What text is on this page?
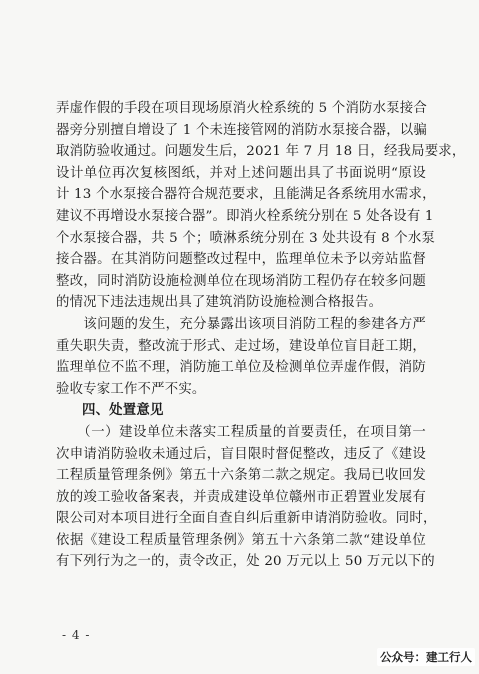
弄虚作假的手段在项目现场原消火栓系统的 5 个消防水泵接合
器旁分别擅自增设了 1 个未连接管网的消防水泵接合器，以骗
取消防验收通过。问题发生后，2021 年 7 月 18 日，经我局要求，
设计单位再次复核图纸，并对上述问题出具了书面说明“原设
计 13 个水泵接合器符合规范要求，且能满足各系统用水需求，
建议不再增设水泵接合器”。即消火栓系统分别在 5 处各设有 1
个水泵接合器，共 5 个；喷淋系统分别在 3 处共设有 8 个水泵
接合器。在其消防问题整改过程中，监理单位未予以旁站监督
整改，同时消防设施检测单位在现场消防工程仍存在较多问题
的情况下违法违规出具了建筑消防设施检测合格报告。
　　该问题的发生，充分暴露出该项目消防工程的参建各方严
重失职失责，整改流于形式、走过场，建设单位盲目赶工期，
监理单位不监不理，消防施工单位及检测单位弄虚作假，消防
验收专家工作不严不实。
四、处置意见
　　（一）建设单位未落实工程质量的首要责任，在项目第一
次申请消防验收未通过后，盲目限时督促整改，违反了《建设
工程质量管理条例》第五十六条第二款之规定。我局已收回发
放的竣工验收备案表，并责成建设单位赣州市正碧置业发展有
限公司对本项目进行全面自查自纠后重新申请消防验收。同时，
依据《建设工程质量管理条例》第五十六条第二款“建设单位
有下列行为之一的，责令改正，处 20 万元以上 50 万元以下的
- 4 -
公众号：建工行人
